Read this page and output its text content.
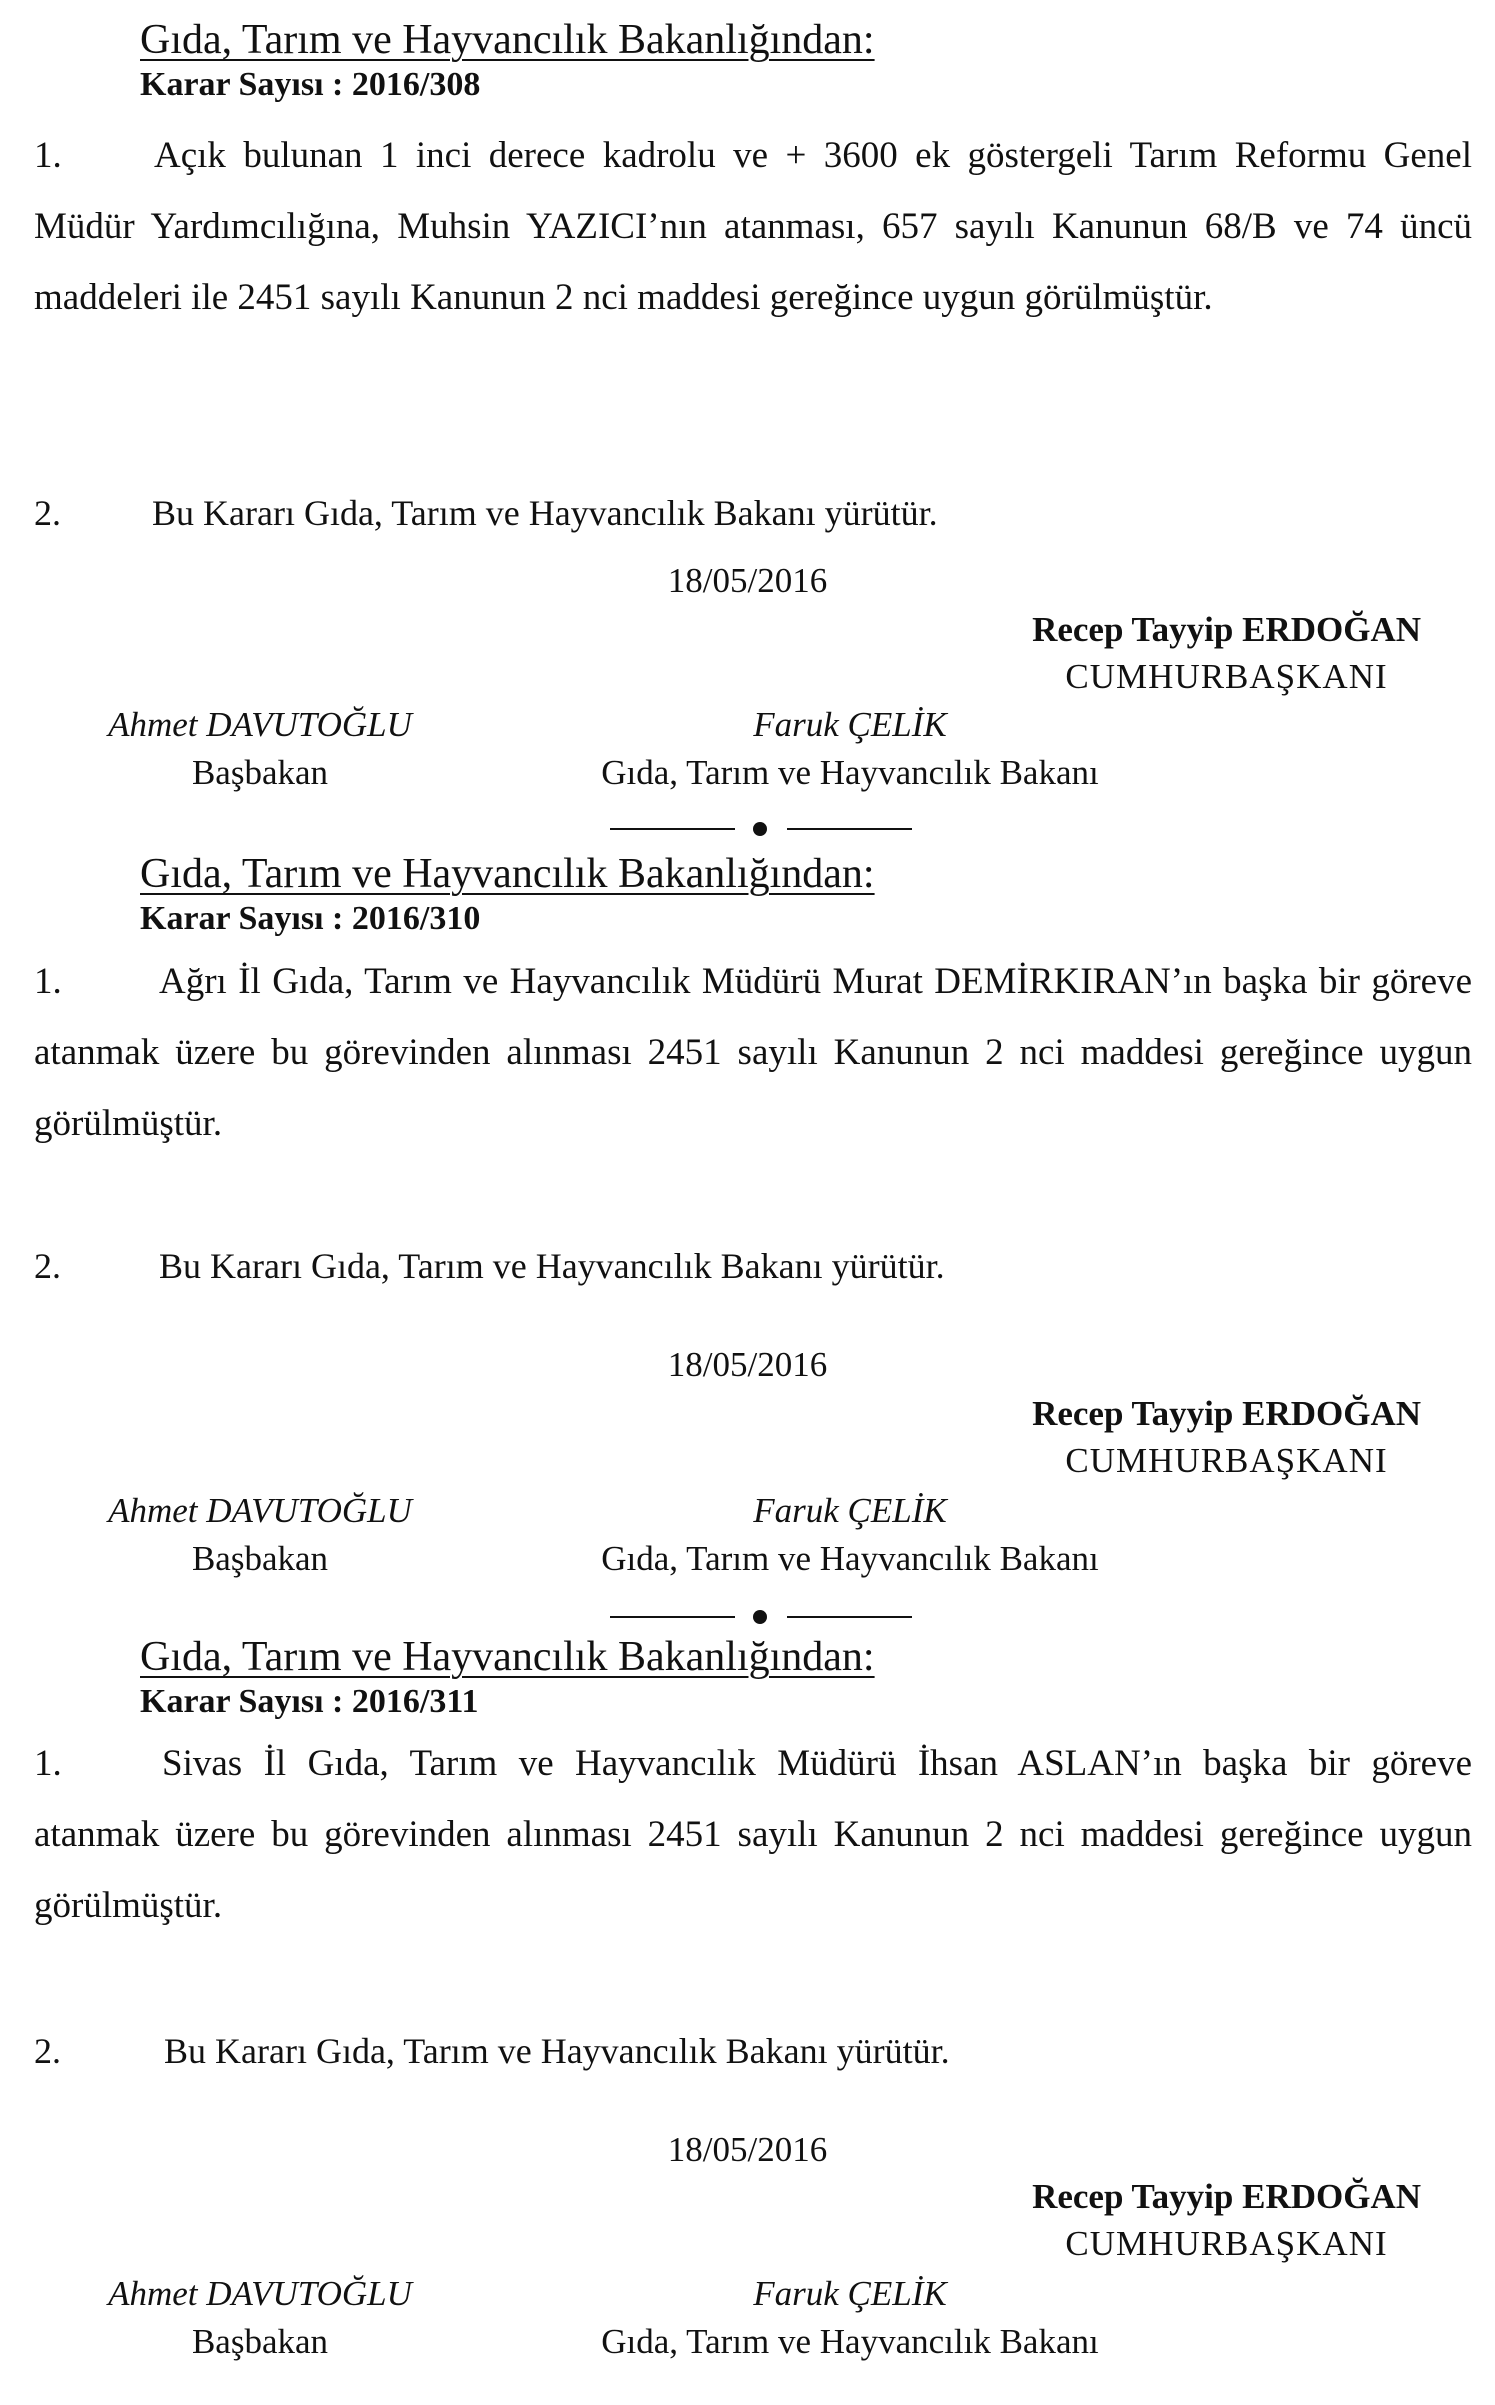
Gıda, Tarım ve Hayvancılık Bakanlığından:
Karar Sayısı : 2016/308
Açık bulunan 1 inci derece kadrolu ve + 3600 ek göstergeli Tarım Reformu Genel Müdür Yardımcılığına, Muhsin YAZICI’nın atanması, 657 sayılı Kanunun 68/B ve 74 üncü maddeleri ile 2451 sayılı Kanunun 2 nci maddesi gereğince uygun görülmüştür.
1.
2.	Bu Kararı Gıda, Tarım ve Hayvancılık Bakanı yürütür.
18/05/2016
Recep Tayyip ERDOĞAN
CUMHURBAŞKANI
Ahmet DAVUTOĞLU
Başbakan
Faruk ÇELİK
Gıda, Tarım ve Hayvancılık Bakanı
Gıda, Tarım ve Hayvancılık Bakanlığından:
Karar Sayısı : 2016/310
Ağrı İl Gıda, Tarım ve Hayvancılık Müdürü Murat DEMİRKIRAN’ın başka bir göreve atanmak üzere bu görevinden alınması 2451 sayılı Kanunun 2 nci maddesi gereğince uygun görülmüştür.
1.
2.	Bu Kararı Gıda, Tarım ve Hayvancılık Bakanı yürütür.
18/05/2016
Recep Tayyip ERDOĞAN
CUMHURBAŞKANI
Ahmet DAVUTOĞLU
Başbakan
Faruk ÇELİK
Gıda, Tarım ve Hayvancılık Bakanı
Gıda, Tarım ve Hayvancılık Bakanlığından:
Karar Sayısı : 2016/311
Sivas İl Gıda, Tarım ve Hayvancılık Müdürü İhsan ASLAN’ın başka bir göreve atanmak üzere bu görevinden alınması 2451 sayılı Kanunun 2 nci maddesi gereğince uygun görülmüştür.
1.
2.	Bu Kararı Gıda, Tarım ve Hayvancılık Bakanı yürütür.
18/05/2016
Recep Tayyip ERDOĞAN
CUMHURBAŞKANI
Ahmet DAVUTOĞLU
Başbakan
Faruk ÇELİK
Gıda, Tarım ve Hayvancılık Bakanı
